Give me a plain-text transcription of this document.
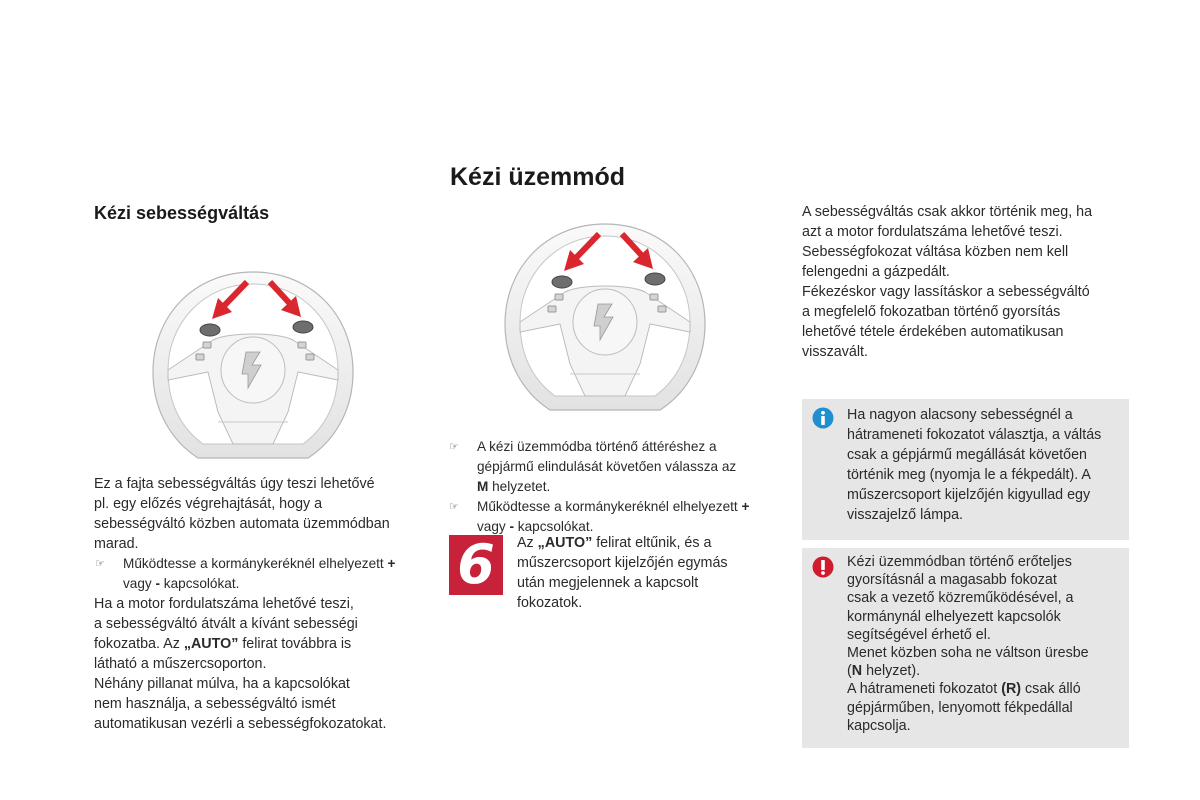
Kézi üzemmód
Kézi sebességváltás

Ez a fajta sebességváltás úgy teszi lehetővé

pl. egy előzés végrehajtását, hogy a

sebességváltó közben automata üzemmódban

marad.

☞ Működtesse a kormánykeréknél elhelyezett +
vagy - kapcsolókat.

Ha a motor fordulatszáma lehetővé teszi,

a sebességváltó átvált a kívánt sebességi

fokozatba. Az „AUTO” felirat továbbra is

látható a műszercsoporton.

Néhány pillanat múlva, ha a kapcsolókat

nem használja, a sebességváltó ismét

automatikusan vezérli a sebességfokozatokat.

☞ A kézi üzemmódba történő áttéréshez a
gépjármű elindulását követően válassza az
M helyzetet.
☞ Működtesse a kormánykeréknél elhelyezett +
vagy - kapcsolókat.
6	Az „AUTO” felirat eltűnik, és a

műszercsoport kijelzőjén egymás

után megjelennek a kapcsolt

fokozatok.

A sebességváltás csak akkor történik meg, ha

azt a motor fordulatszáma lehetővé teszi.

Sebességfokozat váltása közben nem kell

felengedni a gázpedált.

Fékezéskor vagy lassításkor a sebességváltó

a megfelelő fokozatban történő gyorsítás

lehetővé tétele érdekében automatikusan

visszavált.

Ha nagyon alacsony sebességnél a
hátrameneti fokozatot választja, a váltás
csak a gépjármű megállását követően
történik meg (nyomja le a fékpedált). A
műszercsoport kijelzőjén kigyullad egy
visszajelző lámpa.
Kézi üzemmódban történő erőteljes
gyorsításnál a magasabb fokozat
csak a vezető közreműködésével, a
kormánynál elhelyezett kapcsolók
segítségével érhető el.
Menet közben soha ne váltson üresbe
(N helyzet).
A hátrameneti fokozatot (R) csak álló
gépjárműben, lenyomott fékpedállal
kapcsolja.
